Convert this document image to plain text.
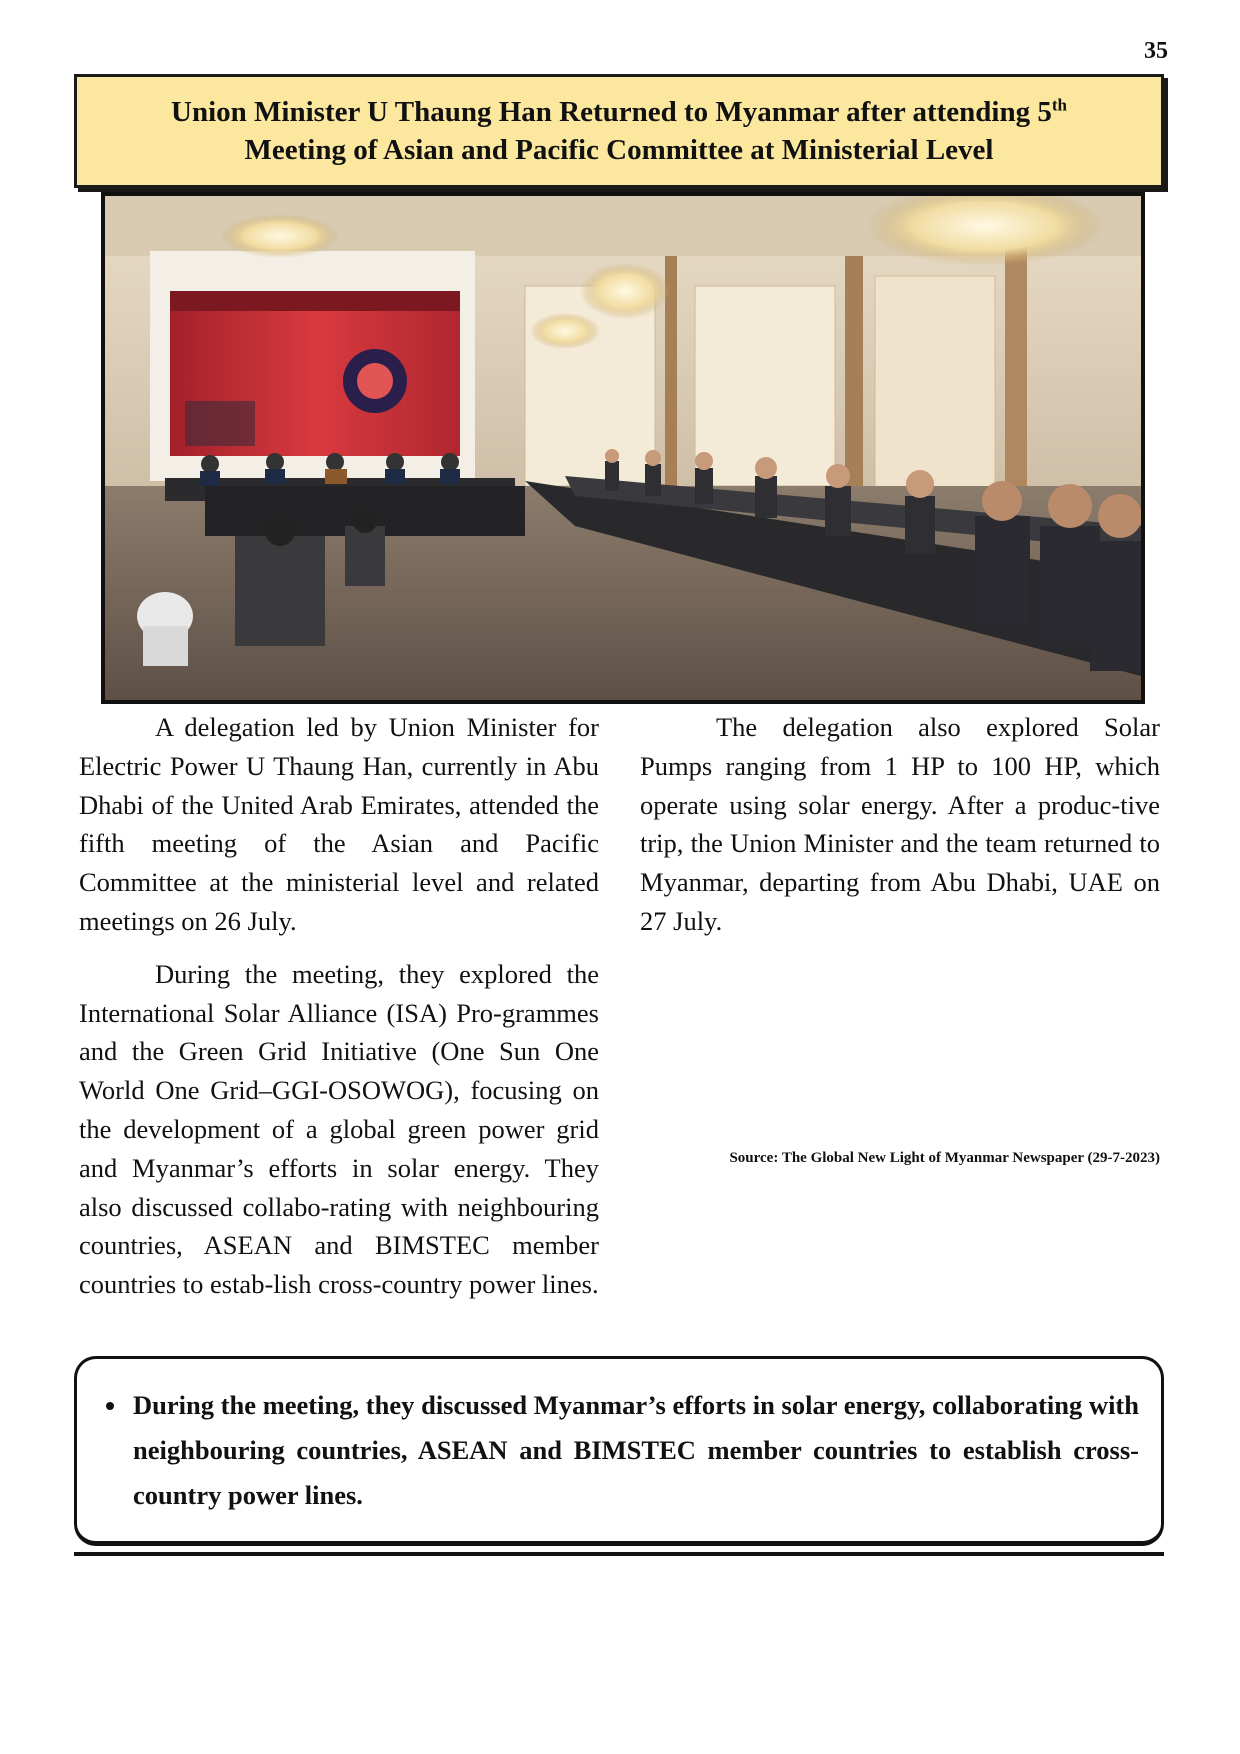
35
Union Minister U Thaung Han Returned to Myanmar after attending 5th
Meeting of Asian and Pacific Committee at Ministerial Level

A delegation led by Union Minister for Electric Power U Thaung Han, currently in Abu Dhabi of the United Arab Emirates, attended the fifth meeting of the Asian and Pacific Committee at the ministerial level and related meetings on 26 July.

During the meeting, they explored the International Solar Alliance (ISA) Pro-grammes and the Green Grid Initiative (One Sun One World One Grid–GGI-OSOWOG), focusing on the development of a global green power grid and Myanmar’s efforts in solar energy. They also discussed collabo-rating with neighbouring countries, ASEAN and BIMSTEC member countries to estab-lish cross-country power lines.

The delegation also explored Solar Pumps ranging from 1 HP to 100 HP, which operate using solar energy. After a produc-tive trip, the Union Minister and the team returned to Myanmar, departing from Abu Dhabi, UAE on 27 July.

Source: The Global New Light of Myanmar Newspaper (29-7-2023)
• During the meeting, they discussed Myanmar’s efforts in solar energy, collaborating with neighbouring countries, ASEAN and BIMSTEC member countries to establish cross-country power lines.
